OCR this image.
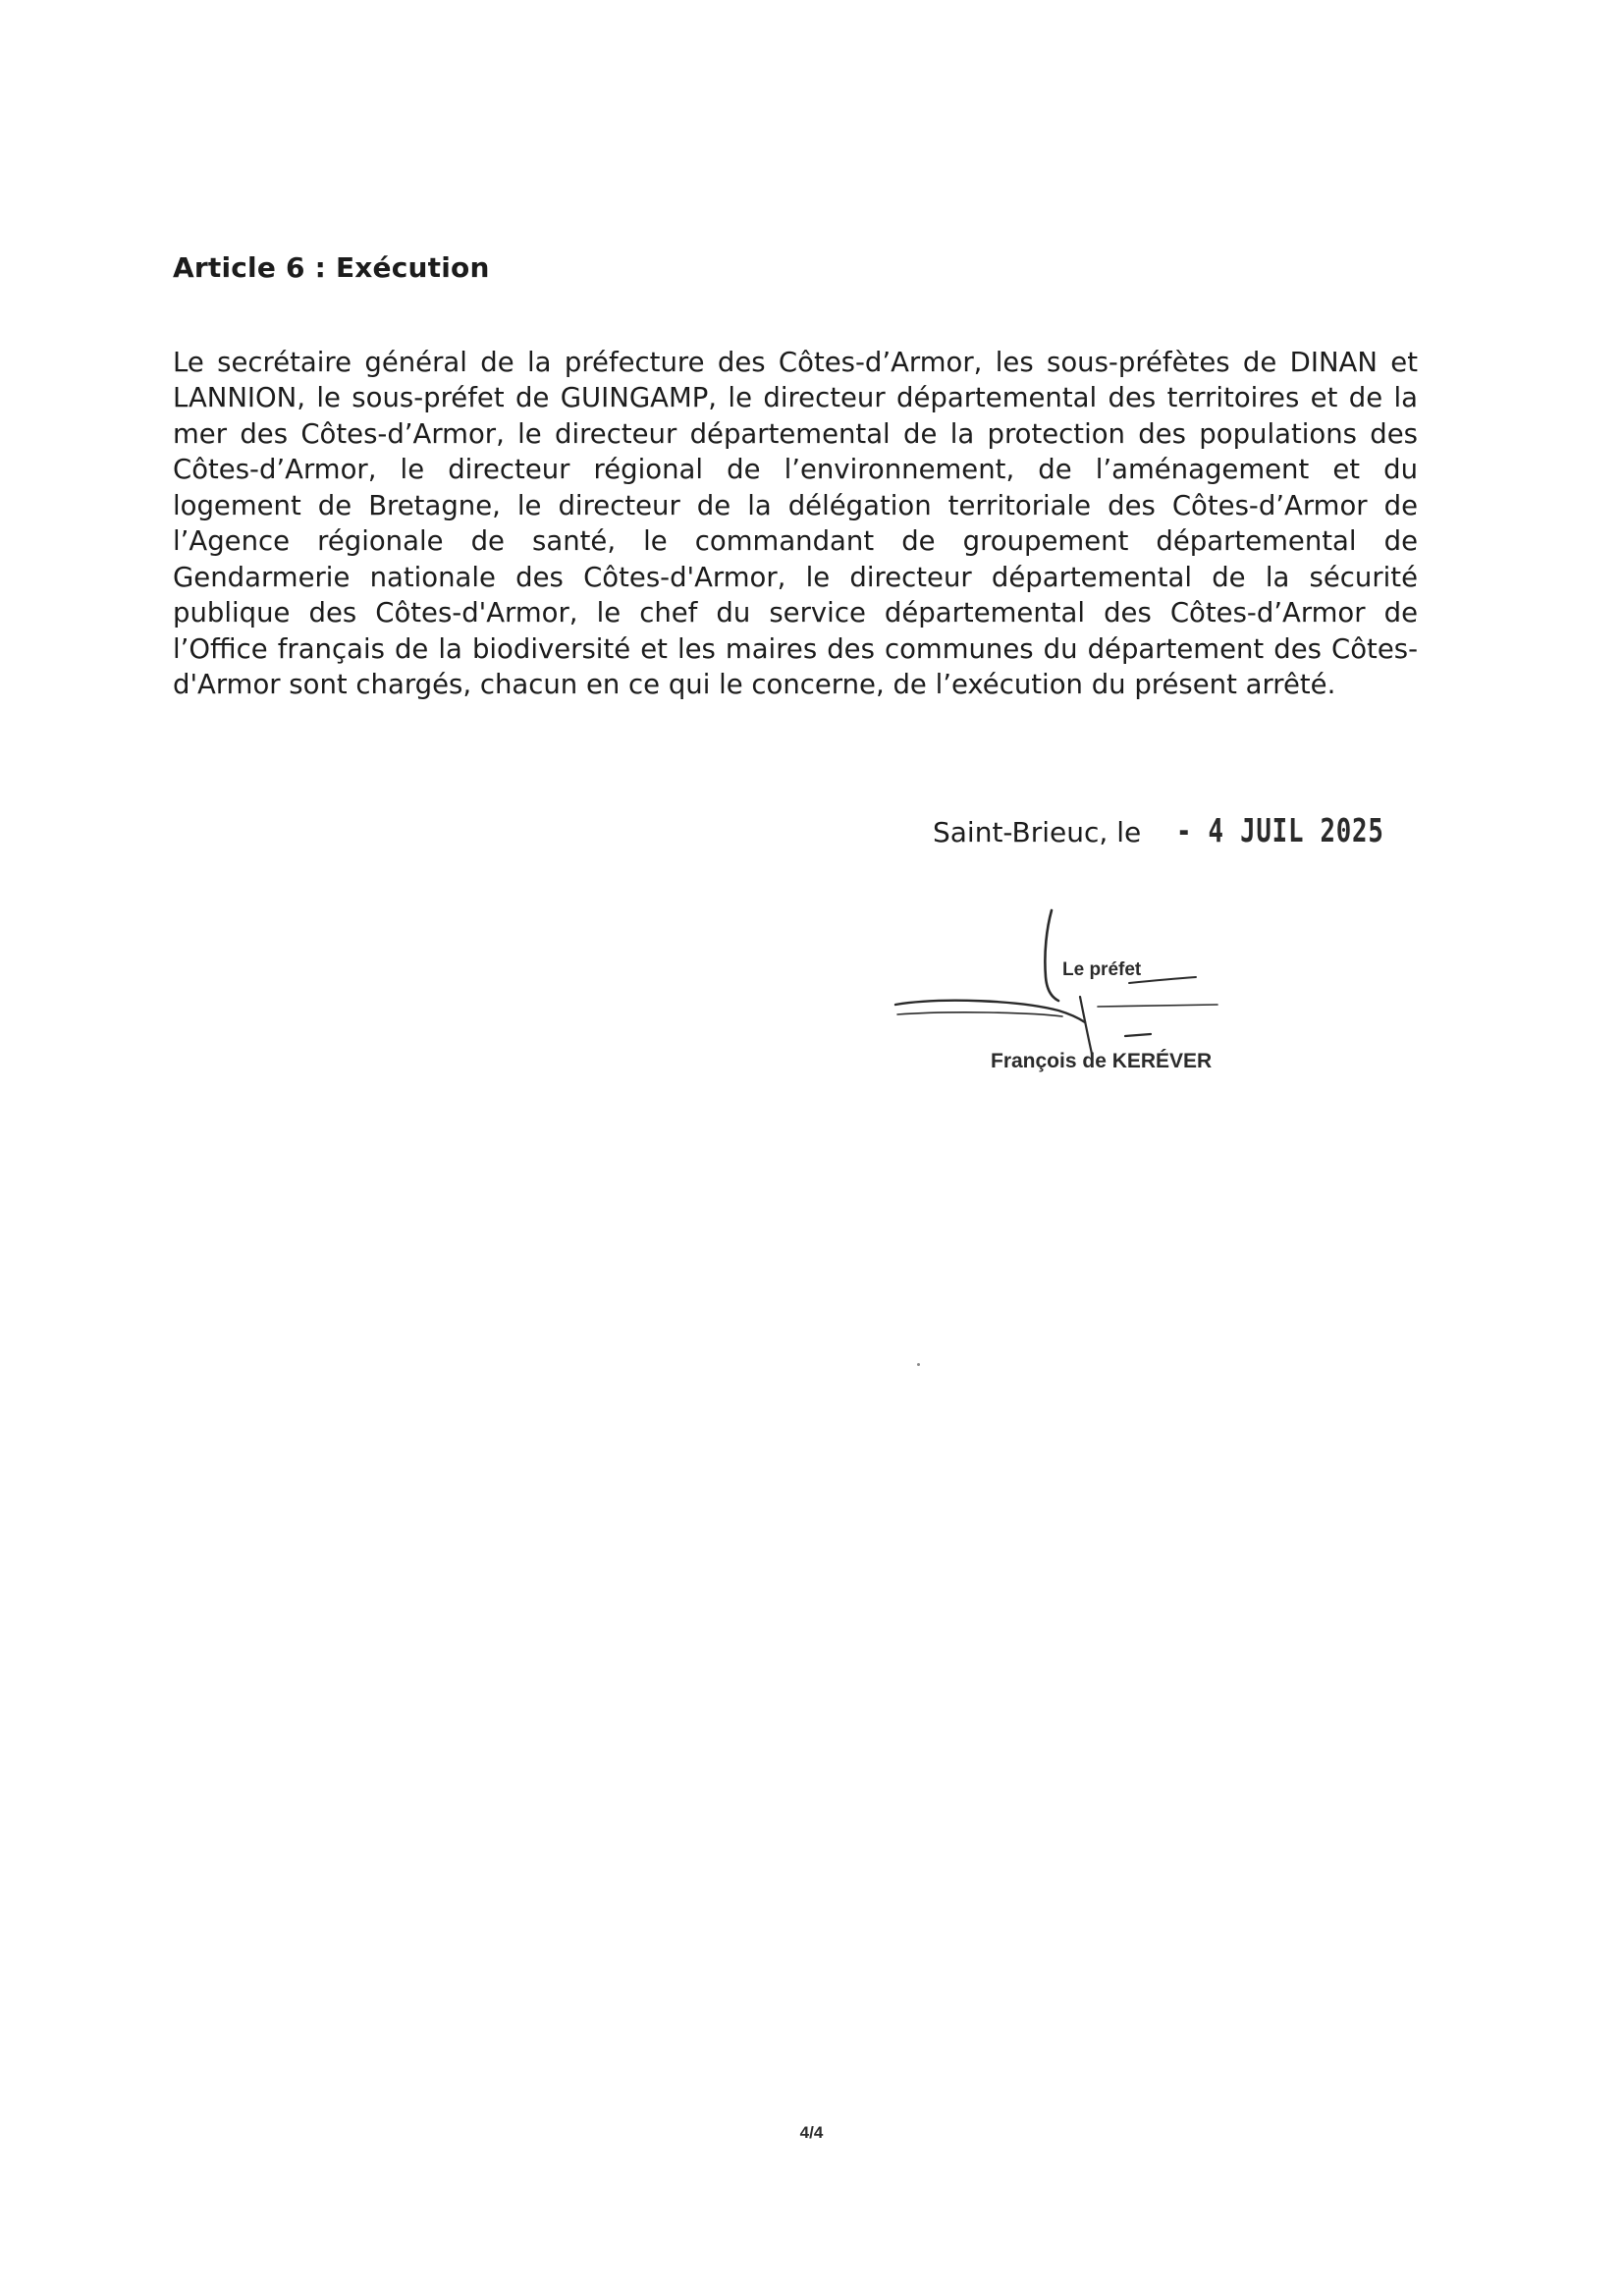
Article 6 : Exécution

Le secrétaire général de la préfecture des Côtes-d’Armor, les sous-préfètes de DINAN et LANNION, le sous-préfet de GUINGAMP, le directeur départemental des territoires et de la mer des Côtes-d’Armor, le directeur départemental de la protection des populations des Côtes-d’Armor, le directeur régional de l’environnement, de l’aménagement et du logement de Bretagne, le directeur de la délégation territoriale des Côtes-d’Armor de l’Agence régionale de santé, le commandant de groupement départemental de Gendarmerie nationale des Côtes-d'Armor, le directeur départemental de la sécurité publique des Côtes-d'Armor, le chef du service départemental des Côtes-d’Armor de l’Office français de la biodiversité et les maires des communes du département des Côtes-d'Armor sont chargés, chacun en ce qui le concerne, de l’exécution du présent arrêté.

Saint-Brieuc, le - 4 JUIL 2025
Le préfet
François de KERÉVER
4/4
